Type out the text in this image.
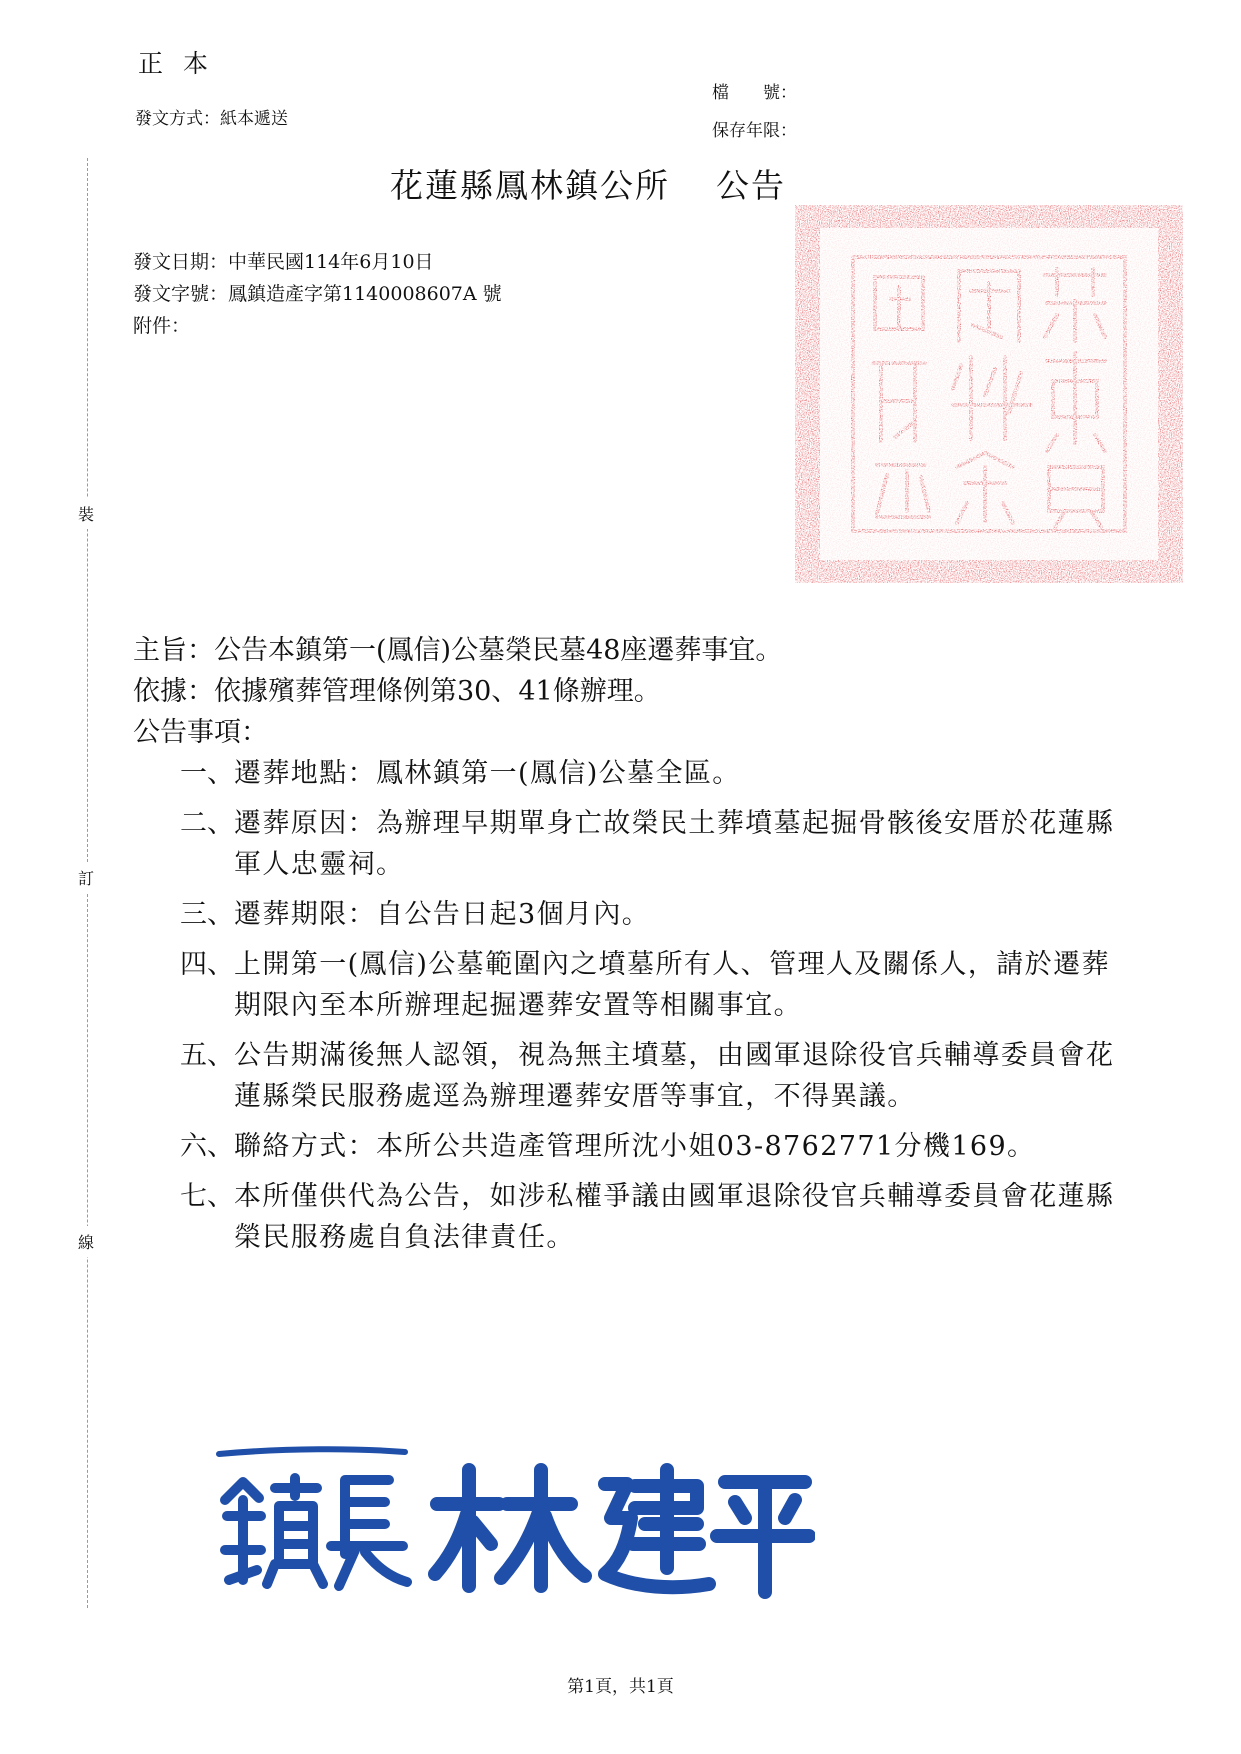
正本
發文方式：紙本遞送
檔　　號：
保存年限：
裝
訂
線
花蓮縣鳳林鎮公所 公告
發文日期：中華民國114年6月10日
發文字號：鳳鎮造產字第1140008607A 號
附件：
主旨：公告本鎮第一(鳳信)公墓榮民墓48座遷葬事宜。
依據：依據殯葬管理條例第30、41條辦理。
公告事項：
一、 遷葬地點：鳳林鎮第一(鳳信)公墓全區。
二、 遷葬原因：為辦理早期單身亡故榮民土葬墳墓起掘骨骸後安厝於花蓮縣軍人忠靈祠。
三、 遷葬期限：自公告日起3個月內。
四、 上開第一(鳳信)公墓範圍內之墳墓所有人、管理人及關係人，請於遷葬期限內至本所辦理起掘遷葬安置等相關事宜。
五、 公告期滿後無人認領，視為無主墳墓，由國軍退除役官兵輔導委員會花蓮縣榮民服務處逕為辦理遷葬安厝等事宜，不得異議。
六、 聯絡方式：本所公共造產管理所沈小姐03-8762771分機169。
七、 本所僅供代為公告，如涉私權爭議由國軍退除役官兵輔導委員會花蓮縣榮民服務處自負法律責任。
第1頁，共1頁
